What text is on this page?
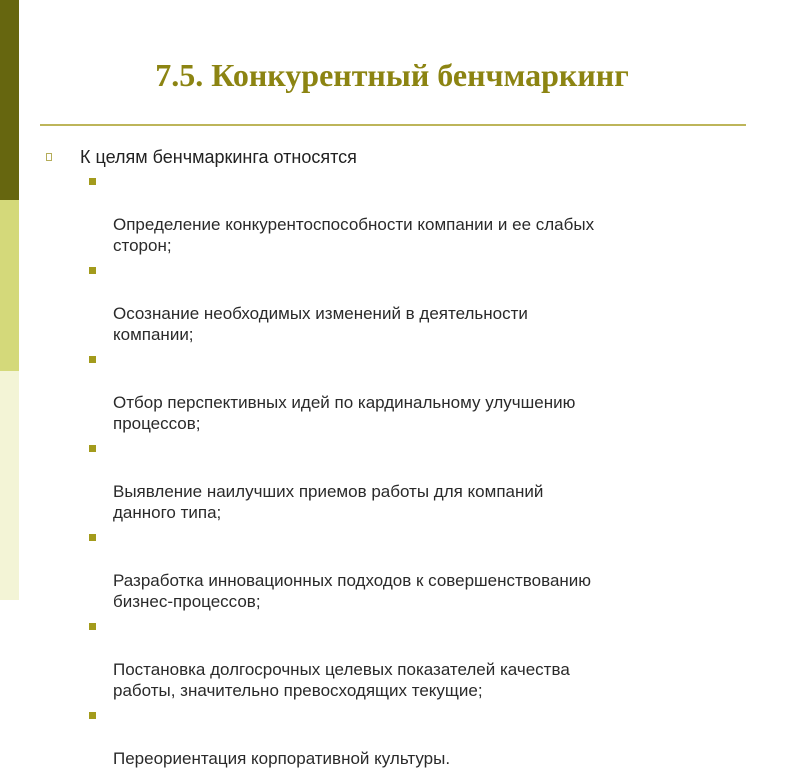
7.5. Конкурентный бенчмаркинг
К целям бенчмаркинга относятся

Определение конкурентоспособности компании и ее слабых
сторон;

Осознание необходимых изменений в деятельности
компании;

Отбор перспективных идей по кардинальному улучшению
процессов;

Выявление наилучших приемов работы для компаний
данного типа;

Разработка инновационных подходов к совершенствованию
бизнес-процессов;

Постановка долгосрочных целевых показателей качества
работы, значительно превосходящих текущие;

Переориентация корпоративной культуры.
